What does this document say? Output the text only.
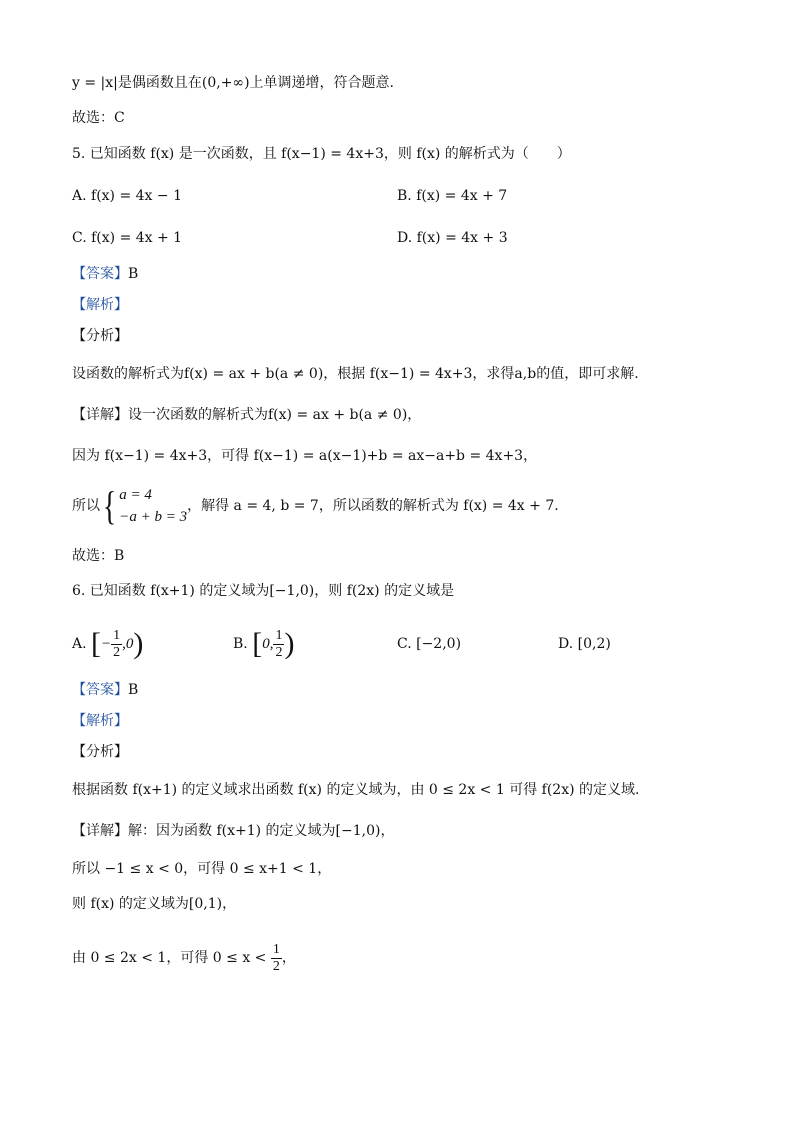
y = |x|是偶函数且在(0,+∞)上单调递增，符合题意.
故选：C
5. 已知函数 f(x) 是一次函数，且 f(x−1) = 4x+3，则 f(x) 的解析式为（　　）
A. f(x) = 4x − 1	B. f(x) = 4x + 7
C. f(x) = 4x + 1	D. f(x) = 4x + 3
【答案】B
【解析】
【分析】
设函数的解析式为f(x) = ax + b(a ≠ 0)，根据 f(x−1) = 4x+3，求得a,b的值，即可求解.
【详解】设一次函数的解析式为f(x) = ax + b(a ≠ 0)，
因为 f(x−1) = 4x+3，可得 f(x−1) = a(x−1)+b = ax−a+b = 4x+3，
所以{ a = 4
−a + b = 3
，解得 a = 4, b = 7，所以函数的解析式为 f(x) = 4x + 7.
故选：B
6. 已知函数 f(x+1) 的定义域为[−1,0)，则 f(2x) 的定义域是
A. [− $\frac{1}{2} ,0$)	B. [0, $\frac{1}{2}$ )	C. [−2,0)	D. [0,2)
【答案】B
【解析】
【分析】
根据函数 f(x+1) 的定义域求出函数 f(x) 的定义域为，由 0 ≤ 2x < 1 可得 f(2x) 的定义域.
【详解】解：因为函数 f(x+1) 的定义域为[−1,0)，
所以 −1 ≤ x < 0，可得 0 ≤ x+1 < 1，
则 f(x) 的定义域为[0,1)，
由 0 ≤ 2x < 1，可得 $0 \le x < \frac{1}{2}$ ，
